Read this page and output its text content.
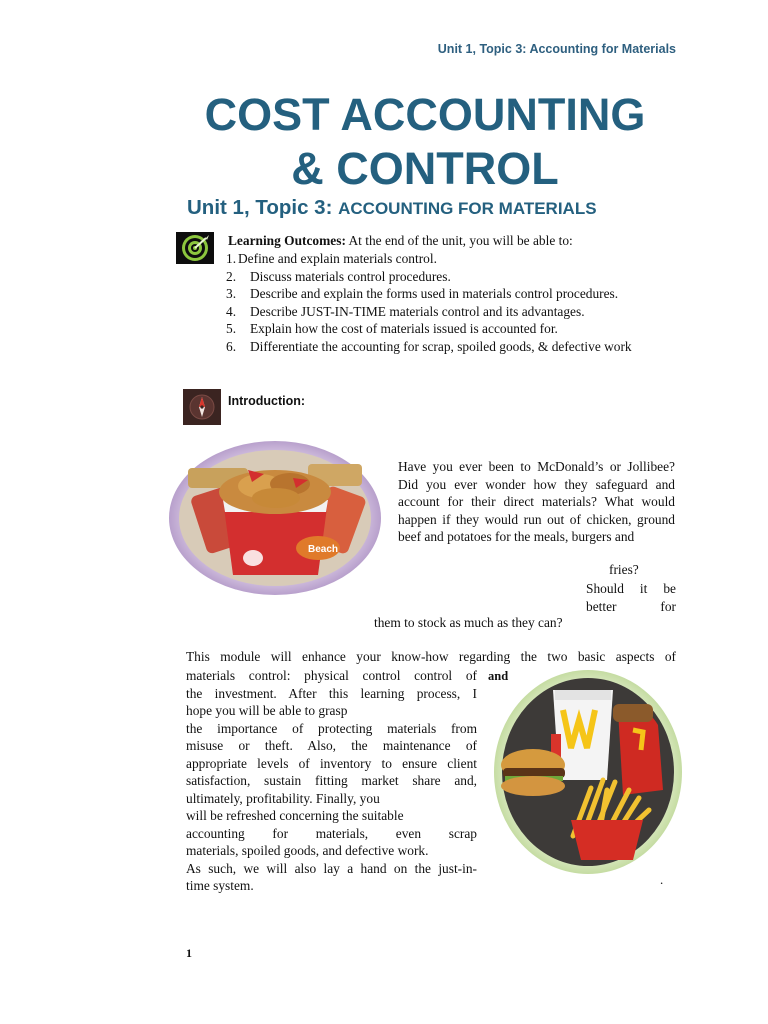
Unit 1, Topic 3: Accounting for Materials
COST ACCOUNTING
& CONTROL
Unit 1, Topic 3: ACCOUNTING FOR MATERIALS
Learning Outcomes: At the end of the unit, you will be able to:
1. Define and explain materials control.
2.	Discuss materials control procedures.
3.	Describe and explain the forms used in materials control procedures.
4.	Describe JUST-IN-TIME materials control and its advantages.
5.	Explain how the cost of materials issued is accounted for.
6.	Differentiate the accounting for scrap, spoiled goods, & defective work
Introduction:
Beach
Have you ever been to McDonald’s or Jollibee? Did you ever wonder how they safeguard and account for their direct materials? What would happen if they would run out of chicken, ground beef and potatoes for the meals, burgers and
fries?
Should it be better for
them to stock as much as they can?
This module will enhance your know-how regarding the two basic aspects of
and
materials control: physical control control of
the investment. After this learning process, I
hope you will be able to grasp
the importance of protecting materials from
misuse or theft. Also, the maintenance of
appropriate levels of inventory to ensure client
satisfaction, sustain fitting market share and,
ultimately, profitability. Finally, you
will be refreshed concerning the suitable
accounting for materials, even scrap
materials, spoiled goods, and defective work.
As such, we will also lay a hand on the just-in-
time system.	.
1
